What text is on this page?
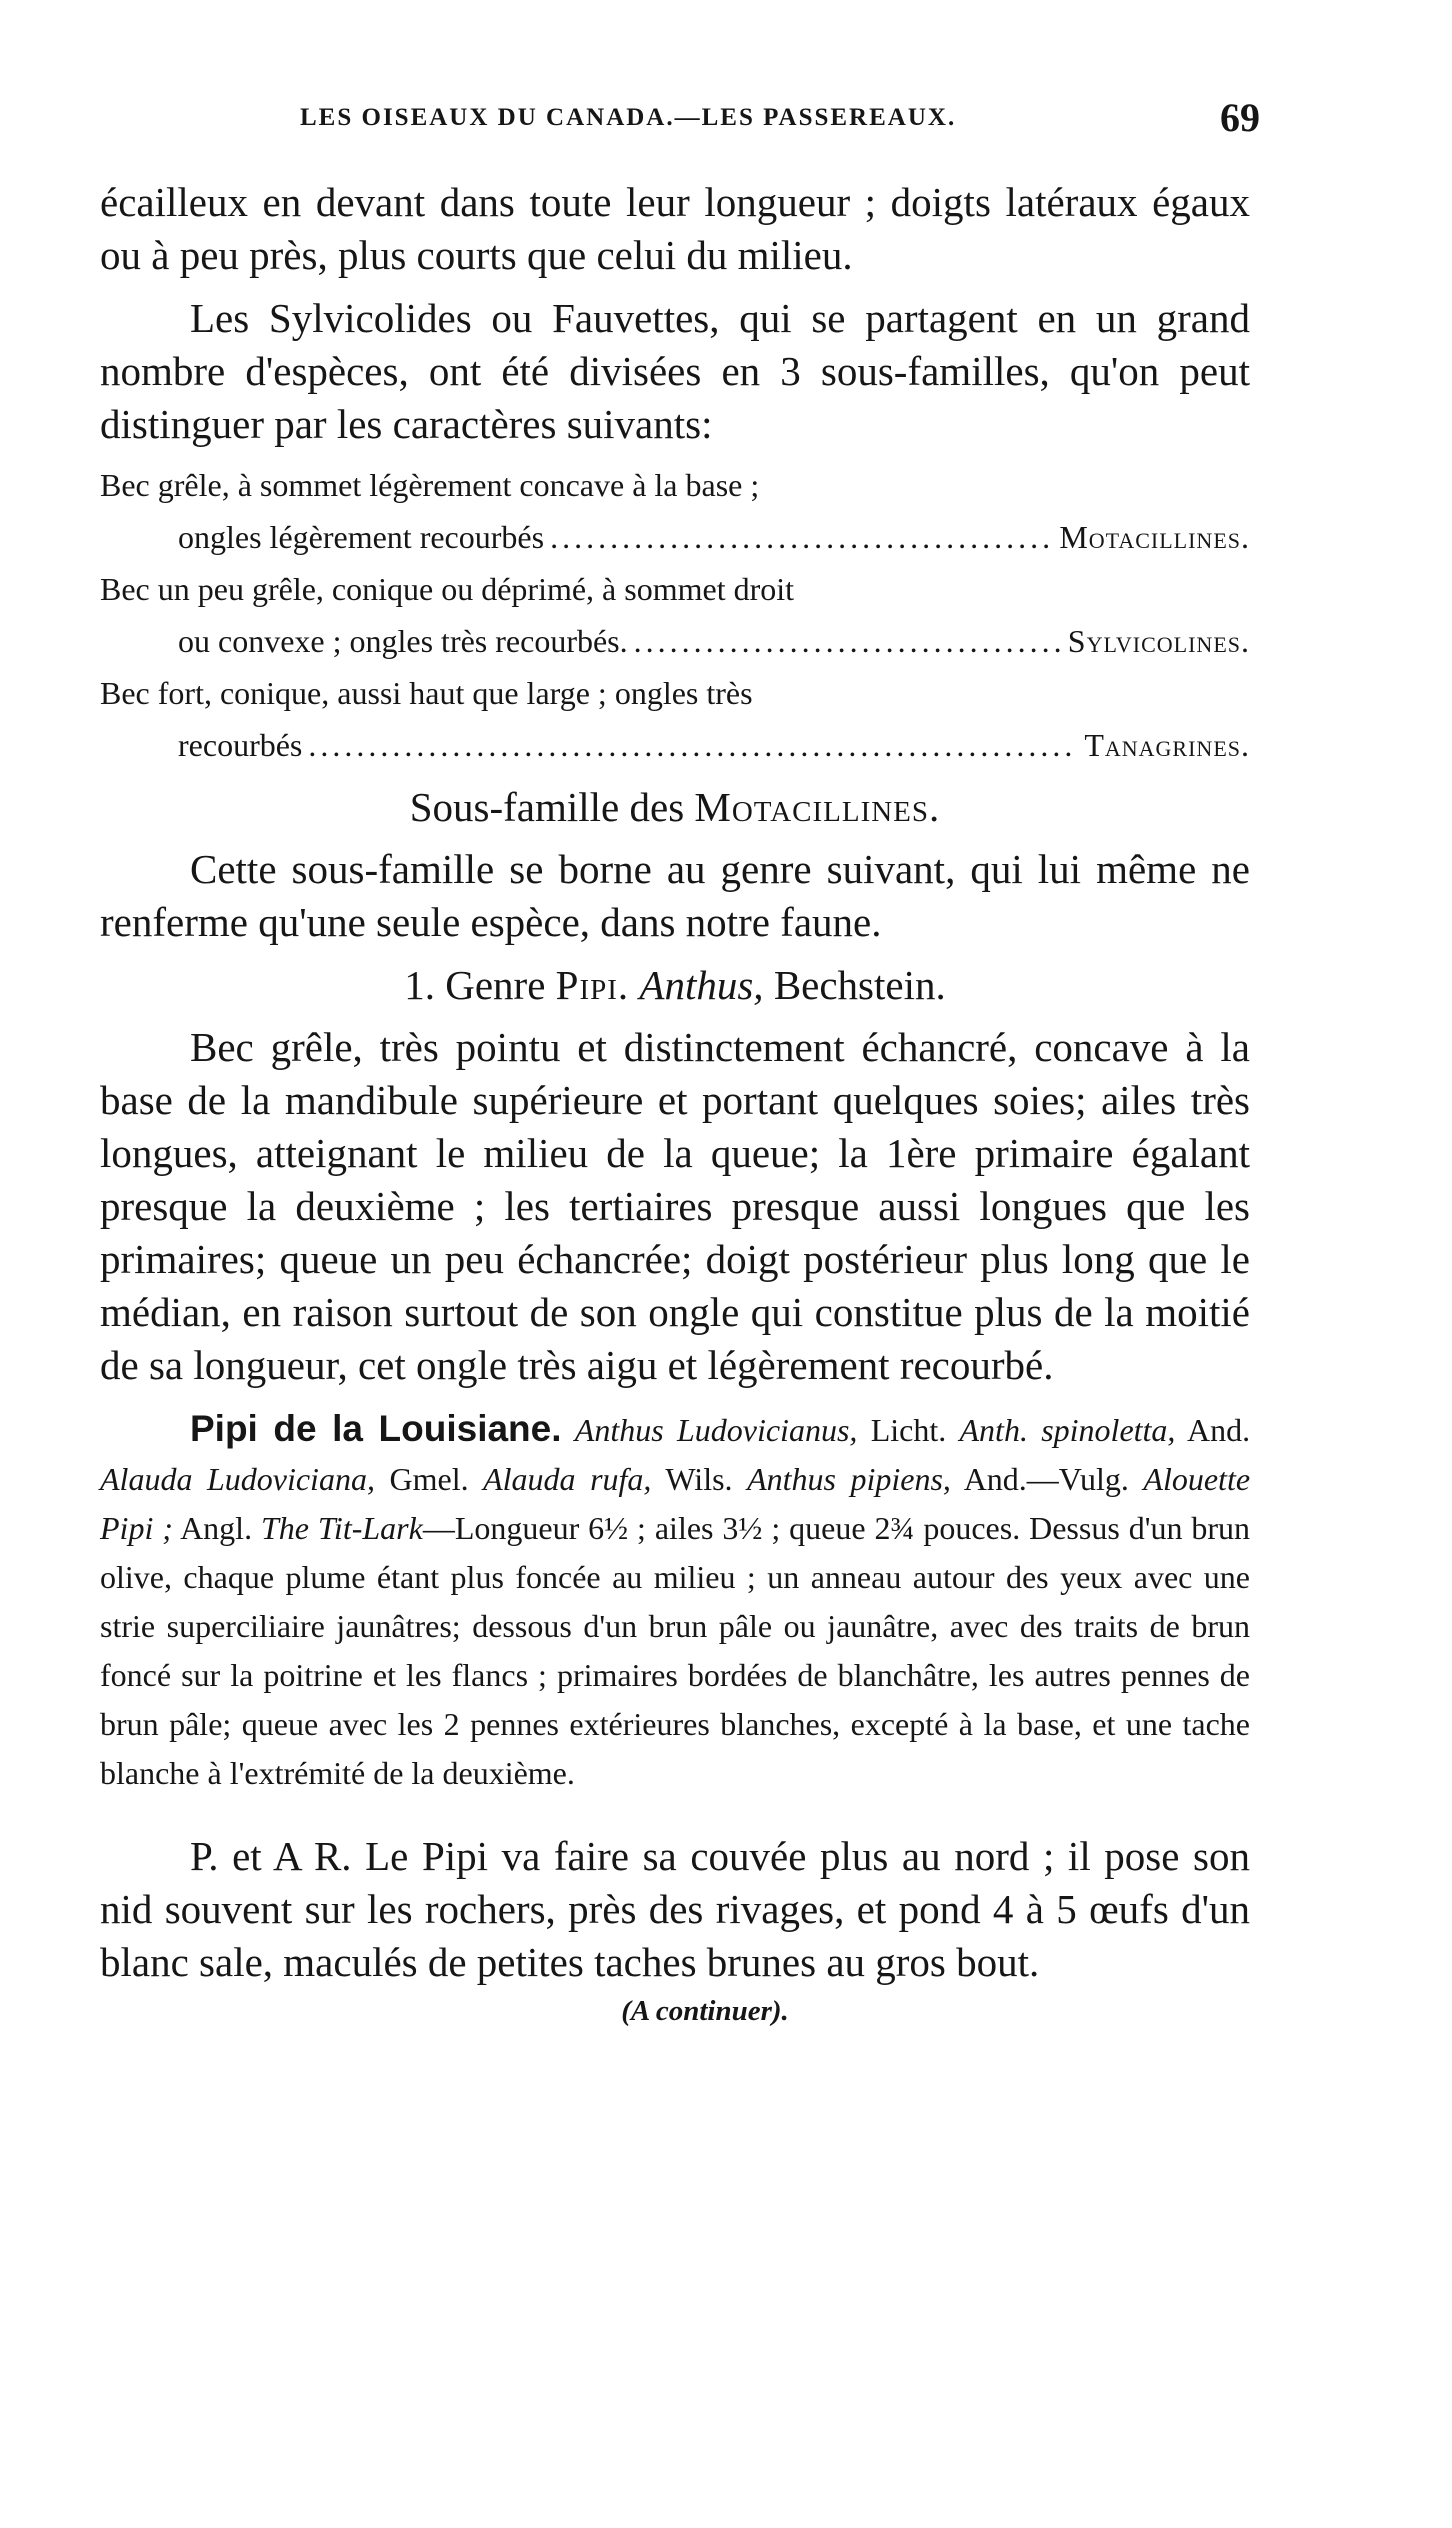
LES OISEAUX DU CANADA.—LES PASSEREAUX.	69

écailleux en devant dans toute leur longueur ; doigts latéraux égaux ou à peu près, plus courts que celui du milieu.

Les Sylvicolides ou Fauvettes, qui se partagent en un grand nombre d'espèces, ont été divisées en 3 sous-familles, qu'on peut distinguer par les caractères suivants:

Bec grêle, à sommet légèrement concave à la base ;
ongles légèrement recourbés .....	Motacillines.
Bec un peu grêle, conique ou déprimé, à sommet droit
ou convexe ; ongles très recourbés. .....	Sylvicolines.
Bec fort, conique, aussi haut que large ; ongles très
recourbés .....	Tanagrines.
Sous-famille des Motacillines.

Cette sous-famille se borne au genre suivant, qui lui même ne renferme qu'une seule espèce, dans notre faune.

1. Genre Pipi. Anthus, Bechstein.

Bec grêle, très pointu et distinctement échancré, concave à la base de la mandibule supérieure et portant quelques soies; ailes très longues, atteignant le milieu de la queue; la 1ère primaire égalant presque la deuxième ; les tertiaires presque aussi longues que les primaires; queue un peu échancrée; doigt postérieur plus long que le médian, en raison surtout de son ongle qui constitue plus de la moitié de sa longueur, cet ongle très aigu et légèrement recourbé.

Pipi de la Louisiane. Anthus Ludovicianus, Licht. Anth. spinoletta, And. Alauda Ludoviciana, Gmel. Alauda rufa, Wils. Anthus pipiens, And.—Vulg. Alouette Pipi ; Angl. The Tit-Lark—Longueur 6½ ; ailes 3½ ; queue 2¾ pouces. Dessus d'un brun olive, chaque plume étant plus foncée au milieu ; un anneau autour des yeux avec une strie superciliaire jaunâtres; dessous d'un brun pâle ou jaunâtre, avec des traits de brun foncé sur la poitrine et les flancs ; primaires bordées de blanchâtre, les autres pennes de brun pâle; queue avec les 2 pennes extérieures blanches, excepté à la base, et une tache blanche à l'extrémité de la deuxième.

P. et A R. Le Pipi va faire sa couvée plus au nord ; il pose son nid souvent sur les rochers, près des rivages, et pond 4 à 5 œufs d'un blanc sale, maculés de petites taches brunes au gros bout.

(A continuer).
